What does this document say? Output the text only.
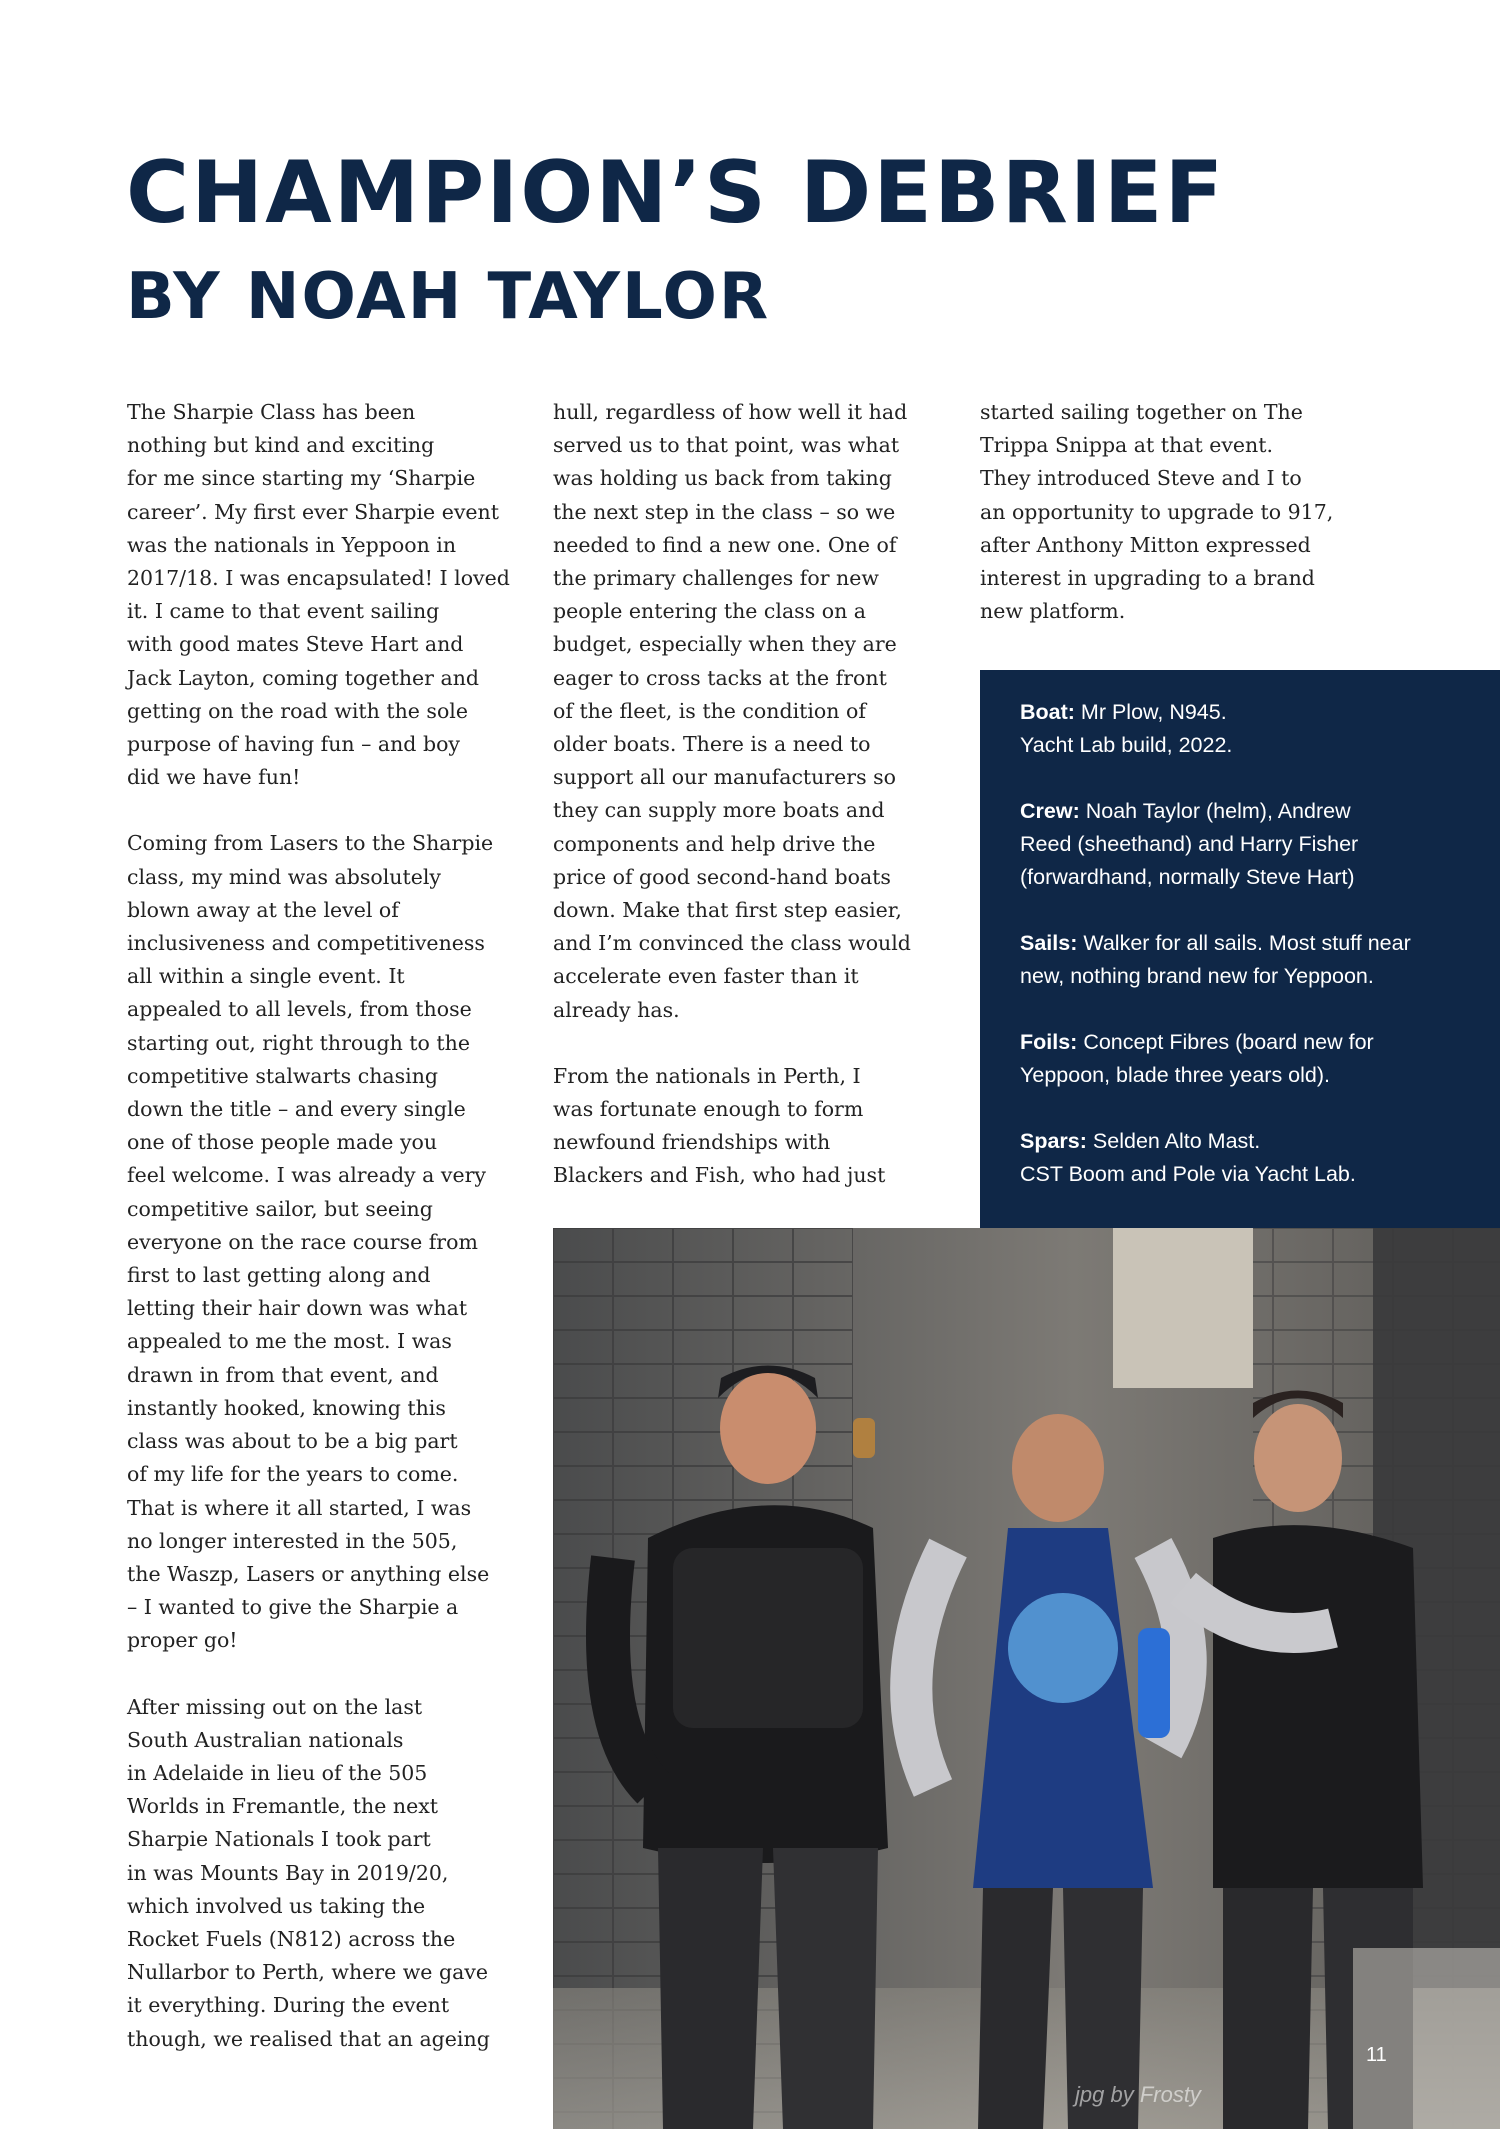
CHAMPION’S DEBRIEF
BY NOAH TAYLOR

The Sharpie Class has been
nothing but kind and exciting
for me since starting my ‘Sharpie
career’. My first ever Sharpie event
was the nationals in Yeppoon in
2017/18. I was encapsulated! I loved
it. I came to that event sailing
with good mates Steve Hart and
Jack Layton, coming together and
getting on the road with the sole
purpose of having fun – and boy
did we have fun!

Coming from Lasers to the Sharpie
class, my mind was absolutely
blown away at the level of
inclusiveness and competitiveness
all within a single event. It
appealed to all levels, from those
starting out, right through to the
competitive stalwarts chasing
down the title – and every single
one of those people made you
feel welcome. I was already a very
competitive sailor, but seeing
everyone on the race course from
first to last getting along and
letting their hair down was what
appealed to me the most. I was
drawn in from that event, and
instantly hooked, knowing this
class was about to be a big part
of my life for the years to come.
That is where it all started, I was
no longer interested in the 505,
the Waszp, Lasers or anything else
– I wanted to give the Sharpie a
proper go!

After missing out on the last
South Australian nationals
in Adelaide in lieu of the 505
Worlds in Fremantle, the next
Sharpie Nationals I took part
in was Mounts Bay in 2019/20,
which involved us taking the
Rocket Fuels (N812) across the
Nullarbor to Perth, where we gave
it everything. During the event
though, we realised that an ageing

hull, regardless of how well it had
served us to that point, was what
was holding us back from taking
the next step in the class – so we
needed to find a new one. One of
the primary challenges for new
people entering the class on a
budget, especially when they are
eager to cross tacks at the front
of the fleet, is the condition of
older boats. There is a need to
support all our manufacturers so
they can supply more boats and
components and help drive the
price of good second-hand boats
down. Make that first step easier,
and I’m convinced the class would
accelerate even faster than it
already has.

From the nationals in Perth, I
was fortunate enough to form
newfound friendships with
Blackers and Fish, who had just

started sailing together on The
Trippa Snippa at that event.
They introduced Steve and I to
an opportunity to upgrade to 917,
after Anthony Mitton expressed
interest in upgrading to a brand
new platform.

Boat: Mr Plow, N945.
Yacht Lab build, 2022.

Crew: Noah Taylor (helm), Andrew
Reed (sheethand) and Harry Fisher
(forwardhand, normally Steve Hart)

Sails: Walker for all sails. Most stuff near
new, nothing brand new for Yeppoon.

Foils: Concept Fibres (board new for
Yeppoon, blade three years old).

Spars: Selden Alto Mast.
CST Boom and Pole via Yacht Lab.

11
jpg by Frosty
